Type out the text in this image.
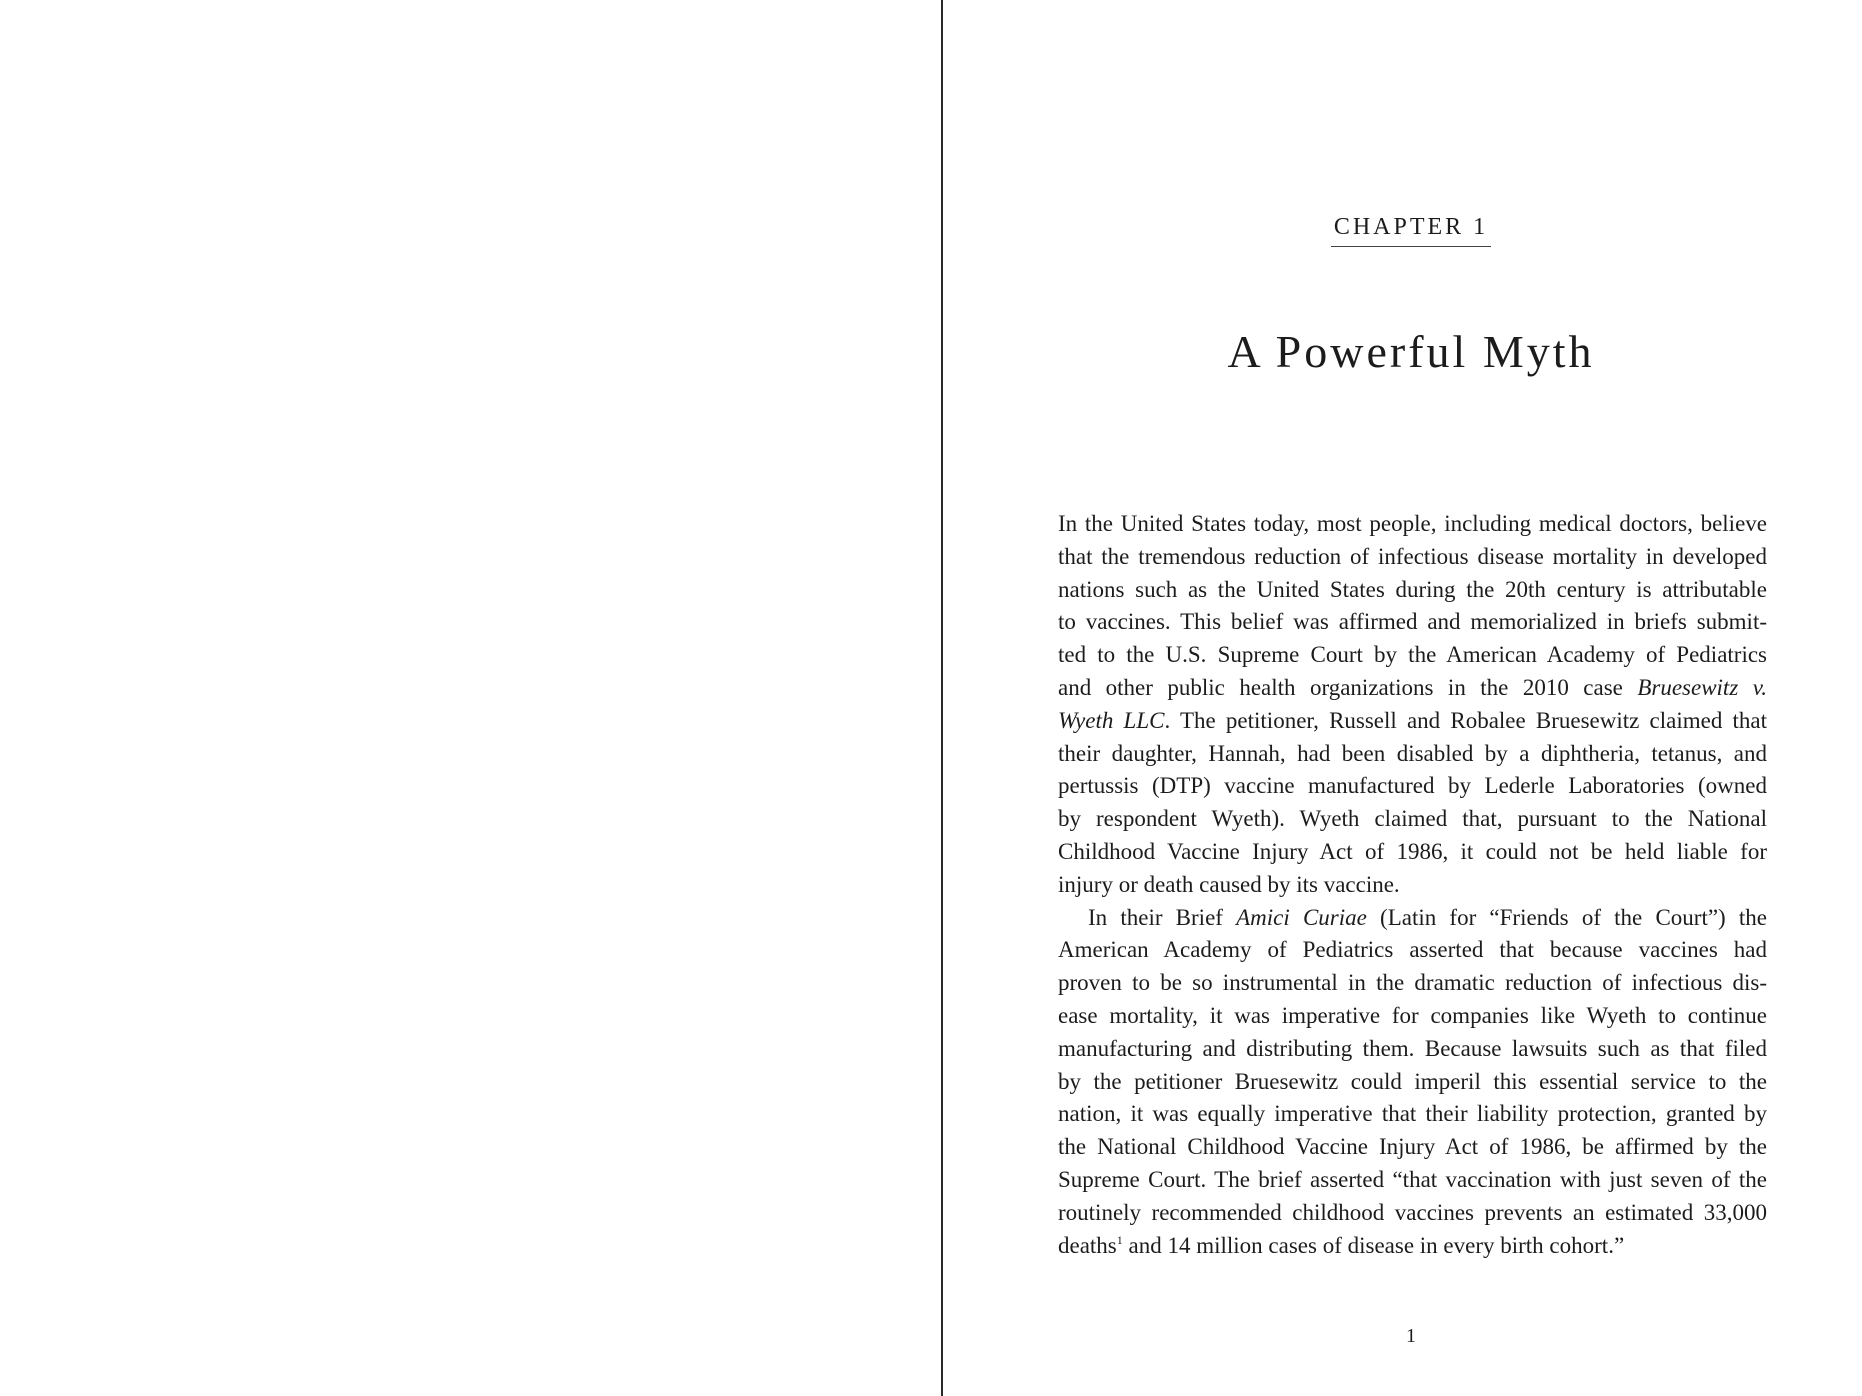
CHAPTER 1
A Powerful Myth
In the United States today, most people, including medical doctors, believe
that the tremendous reduction of infectious disease mortality in developed
nations such as the United States during the 20th century is attributable
to vaccines. This belief was affirmed and memorialized in briefs submit-
ted to the U.S. Supreme Court by the American Academy of Pediatrics
and other public health organizations in the 2010 case Bruesewitz v.
Wyeth LLC. The petitioner, Russell and Robalee Bruesewitz claimed that
their daughter, Hannah, had been disabled by a diphtheria, tetanus, and
pertussis (DTP) vaccine manufactured by Lederle Laboratories (owned
by respondent Wyeth). Wyeth claimed that, pursuant to the National
Childhood Vaccine Injury Act of 1986, it could not be held liable for
injury or death caused by its vaccine.
In their Brief Amici Curiae (Latin for “Friends of the Court”) the
American Academy of Pediatrics asserted that because vaccines had
proven to be so instrumental in the dramatic reduction of infectious dis-
ease mortality, it was imperative for companies like Wyeth to continue
manufacturing and distributing them. Because lawsuits such as that filed
by the petitioner Bruesewitz could imperil this essential service to the
nation, it was equally imperative that their liability protection, granted by
the National Childhood Vaccine Injury Act of 1986, be affirmed by the
Supreme Court. The brief asserted “that vaccination with just seven of the
routinely recommended childhood vaccines prevents an estimated 33,000
deaths$^1$ and 14 million cases of disease in every birth cohort.”
1
